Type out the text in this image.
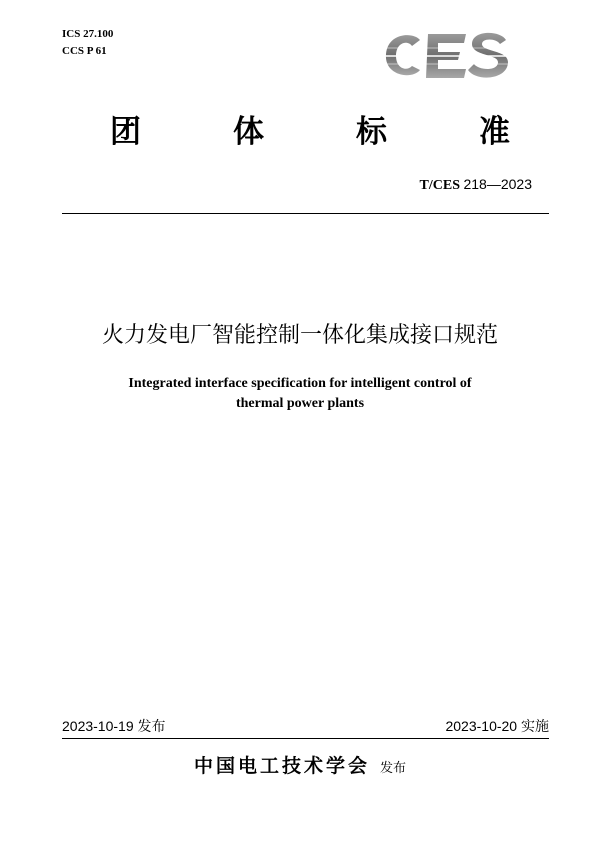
ICS 27.100
CCS P 61
团	体	标	准
T/CES 218—2023
火力发电厂智能控制一体化集成接口规范
Integrated interface specification for intelligent control of
thermal power plants
2023-10-19 发布	2023-10-20 实施
中国电工技术学会 发布
